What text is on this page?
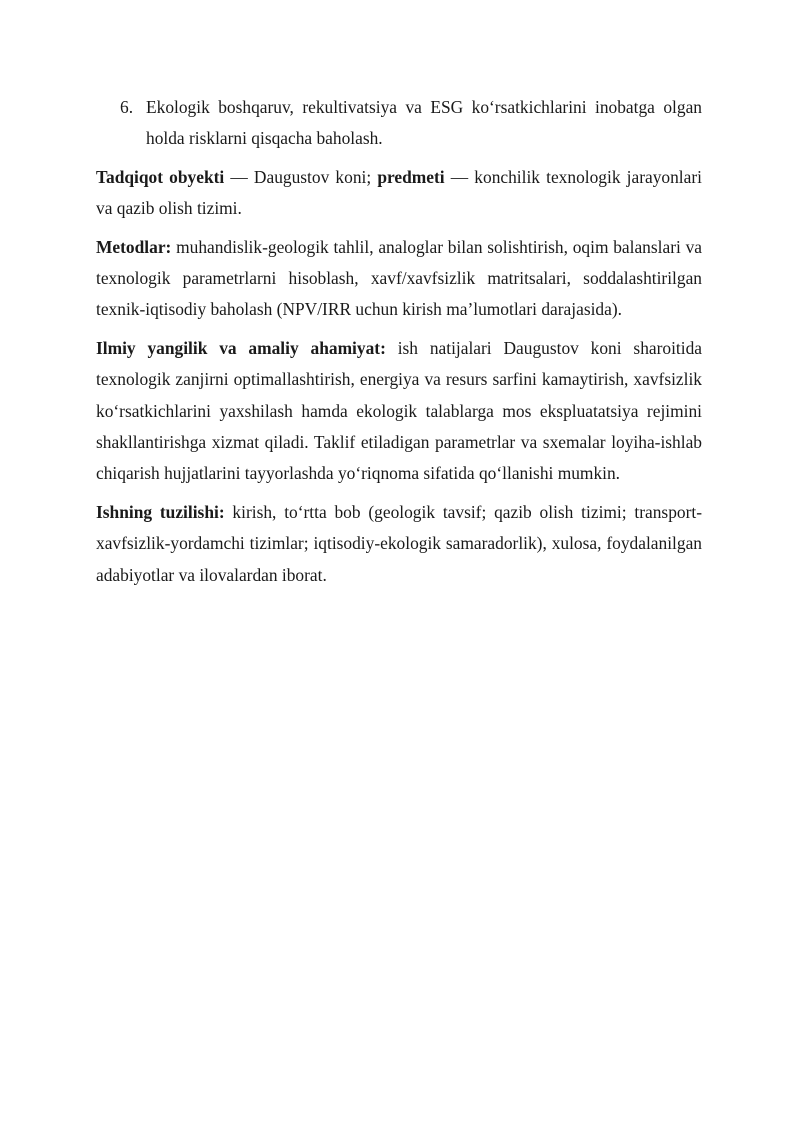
6. Ekologik boshqaruv, rekultivatsiya va ESG ko‘rsatkichlarini inobatga olgan holda risklarni qisqacha baholash.
Tadqiqot obyekti — Daugustov koni; predmeti — konchilik texnologik jarayonlari va qazib olish tizimi.
Metodlar: muhandislik-geologik tahlil, analoglar bilan solishtirish, oqim balanslari va texnologik parametrlarni hisoblash, xavf/xavfsizlik matritsalari, soddalashtirilgan texnik-iqtisodiy baholash (NPV/IRR uchun kirish ma’lumotlari darajasida).
Ilmiy yangilik va amaliy ahamiyat: ish natijalari Daugustov koni sharoitida texnologik zanjirni optimallashtirish, energiya va resurs sarfini kamaytirish, xavfsizlik ko‘rsatkichlarini yaxshilash hamda ekologik talablarga mos ekspluatatsiya rejimini shakllantirishga xizmat qiladi. Taklif etiladigan parametrlar va sxemalar loyiha-ishlab chiqarish hujjatlarini tayyorlashda yo‘riqnoma sifatida qo‘llanishi mumkin.
Ishning tuzilishi: kirish, to‘rtta bob (geologik tavsif; qazib olish tizimi; transport-xavfsizlik-yordamchi tizimlar; iqtisodiy-ekologik samaradorlik), xulosa, foydalanilgan adabiyotlar va ilovalardan iborat.
